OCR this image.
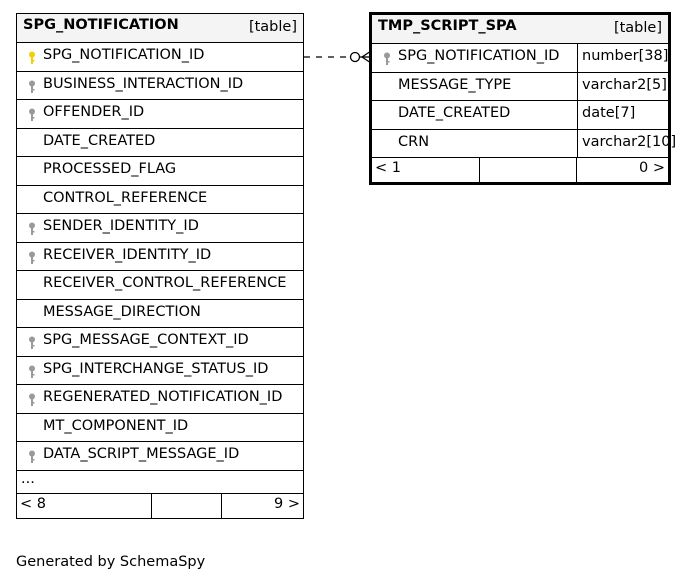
SPG_NOTIFICATION	[table]
SPG_NOTIFICATION_ID
BUSINESS_INTERACTION_ID
OFFENDER_ID
DATE_CREATED
PROCESSED_FLAG
CONTROL_REFERENCE
SENDER_IDENTITY_ID
RECEIVER_IDENTITY_ID
RECEIVER_CONTROL_REFERENCE
MESSAGE_DIRECTION
SPG_MESSAGE_CONTEXT_ID
SPG_INTERCHANGE_STATUS_ID
REGENERATED_NOTIFICATION_ID
MT_COMPONENT_ID
DATA_SCRIPT_MESSAGE_ID
...
< 8	9 >
TMP_SCRIPT_SPA	[table]
SPG_NOTIFICATION_ID number[38]
MESSAGE_TYPE	varchar2[5]
DATE_CREATED	date[7]
CRN	varchar2[10]
< 1	0 >
Generated by SchemaSpy
